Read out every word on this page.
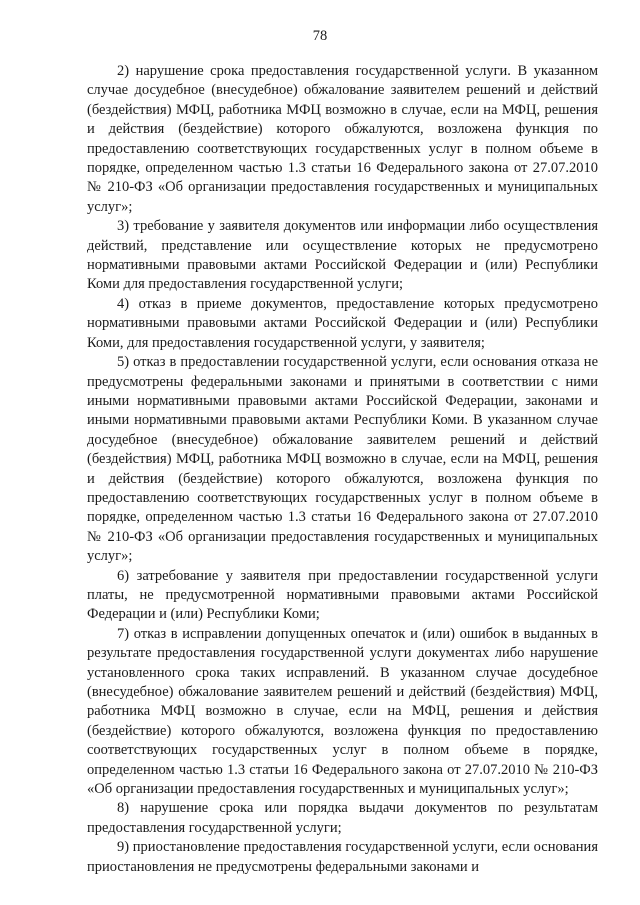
78

2) нарушение срока предоставления государственной услуги. В указанном случае досудебное (внесудебное) обжалование заявителем решений и действий (бездействия) МФЦ, работника МФЦ возможно в случае, если на МФЦ, решения и действия (бездействие) которого обжалуются, возложена функция по предоставлению соответствующих государственных услуг в полном объеме в порядке, определенном частью 1.3 статьи 16 Федерального закона от 27.07.2010 № 210-ФЗ «Об организации предоставления государственных и муниципальных услуг»;

3) требование у заявителя документов или информации либо осуществления действий, представление или осуществление которых не предусмотрено нормативными правовыми актами Российской Федерации и (или) Республики Коми для предоставления государственной услуги;

4) отказ в приеме документов, предоставление которых предусмотрено нормативными правовыми актами Российской Федерации и (или) Республики Коми, для предоставления государственной услуги, у заявителя;

5) отказ в предоставлении государственной услуги, если основания отказа не предусмотрены федеральными законами и принятыми в соответствии с ними иными нормативными правовыми актами Российской Федерации, законами и иными нормативными правовыми актами Республики Коми. В указанном случае досудебное (внесудебное) обжалование заявителем решений и действий (бездействия) МФЦ, работника МФЦ возможно в случае, если на МФЦ, решения и действия (бездействие) которого обжалуются, возложена функция по предоставлению соответствующих государственных услуг в полном объеме в порядке, определенном частью 1.3 статьи 16 Федерального закона от 27.07.2010 № 210-ФЗ «Об организации предоставления государственных и муниципальных услуг»;

6) затребование у заявителя при предоставлении государственной услуги платы, не предусмотренной нормативными правовыми актами Российской Федерации и (или) Республики Коми;

7) отказ в исправлении допущенных опечаток и (или) ошибок в выданных в результате предоставления государственной услуги документах либо нарушение установленного срока таких исправлений. В указанном случае досудебное (внесудебное) обжалование заявителем решений и действий (бездействия) МФЦ, работника МФЦ возможно в случае, если на МФЦ, решения и действия (бездействие) которого обжалуются, возложена функция по предоставлению соответствующих государственных услуг в полном объеме в порядке, определенном частью 1.3 статьи 16 Федерального закона от 27.07.2010 № 210-ФЗ «Об организации предоставления государственных и муниципальных услуг»;

8) нарушение срока или порядка выдачи документов по результатам предоставления государственной услуги;

9) приостановление предоставления государственной услуги, если основания приостановления не предусмотрены федеральными законами и
